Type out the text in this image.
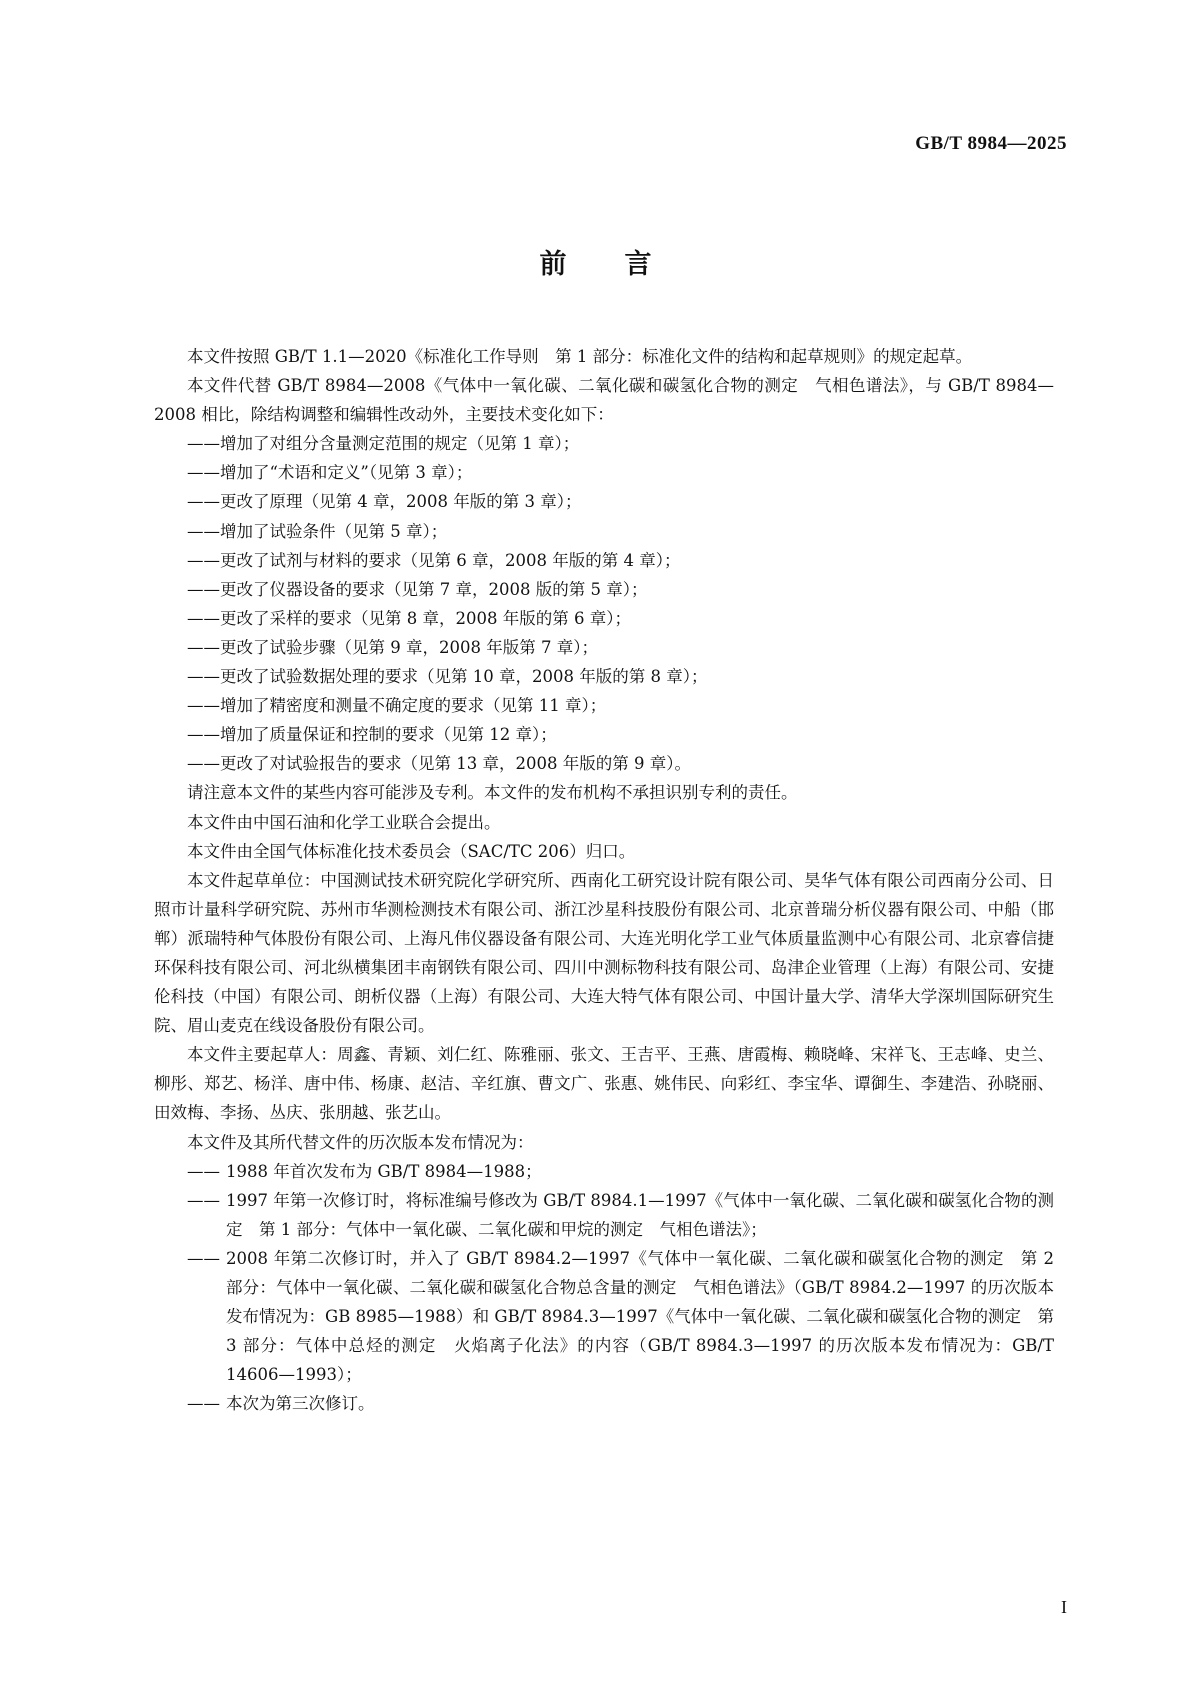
GB/T 8984—2025
前言

本文件按照 GB/T 1.1—2020《标准化工作导则　第 1 部分：标准化文件的结构和起草规则》的规定起草。

本文件代替 GB/T 8984—2008《气体中一氧化碳、二氧化碳和碳氢化合物的测定　气相色谱法》，与 GB/T 8984—2008 相比，除结构调整和编辑性改动外，主要技术变化如下：

——增加了对组分含量测定范围的规定（见第 1 章）；

——增加了“术语和定义”（见第 3 章）；

——更改了原理（见第 4 章，2008 年版的第 3 章）；

——增加了试验条件（见第 5 章）；

——更改了试剂与材料的要求（见第 6 章，2008 年版的第 4 章）；

——更改了仪器设备的要求（见第 7 章，2008 版的第 5 章）；

——更改了采样的要求（见第 8 章，2008 年版的第 6 章）；

——更改了试验步骤（见第 9 章，2008 年版第 7 章）；

——更改了试验数据处理的要求（见第 10 章，2008 年版的第 8 章）；

——增加了精密度和测量不确定度的要求（见第 11 章）；

——增加了质量保证和控制的要求（见第 12 章）；

——更改了对试验报告的要求（见第 13 章，2008 年版的第 9 章）。

请注意本文件的某些内容可能涉及专利。本文件的发布机构不承担识别专利的责任。

本文件由中国石油和化学工业联合会提出。

本文件由全国气体标准化技术委员会（SAC/TC 206）归口。

本文件起草单位：中国测试技术研究院化学研究所、西南化工研究设计院有限公司、昊华气体有限公司西南分公司、日照市计量科学研究院、苏州市华测检测技术有限公司、浙江沙星科技股份有限公司、北京普瑞分析仪器有限公司、中船（邯郸）派瑞特种气体股份有限公司、上海凡伟仪器设备有限公司、大连光明化学工业气体质量监测中心有限公司、北京睿信捷环保科技有限公司、河北纵横集团丰南钢铁有限公司、四川中测标物科技有限公司、岛津企业管理（上海）有限公司、安捷伦科技（中国）有限公司、朗析仪器（上海）有限公司、大连大特气体有限公司、中国计量大学、清华大学深圳国际研究生院、眉山麦克在线设备股份有限公司。

本文件主要起草人：周鑫、青颖、刘仁红、陈雅丽、张文、王吉平、王燕、唐霞梅、赖晓峰、宋祥飞、王志峰、史兰、柳彤、郑艺、杨洋、唐中伟、杨康、赵洁、辛红旗、曹文广、张惠、姚伟民、向彩红、李宝华、谭御生、李建浩、孙晓丽、田效梅、李扬、丛庆、张朋越、张艺山。

本文件及其所代替文件的历次版本发布情况为：

—— 1988 年首次发布为 GB/T 8984—1988；
—— 1997 年第一次修订时，将标准编号修改为 GB/T 8984.1—1997《气体中一氧化碳、二氧化碳和碳氢化合物的测定　第 1 部分：气体中一氧化碳、二氧化碳和甲烷的测定　气相色谱法》；
—— 2008 年第二次修订时，并入了 GB/T 8984.2—1997《气体中一氧化碳、二氧化碳和碳氢化合物的测定　第 2 部分：气体中一氧化碳、二氧化碳和碳氢化合物总含量的测定　气相色谱法》（GB/T 8984.2—1997 的历次版本发布情况为：GB 8985—1988）和 GB/T 8984.3—1997《气体中一氧化碳、二氧化碳和碳氢化合物的测定　第 3 部分：气体中总烃的测定　火焰离子化法》的内容（GB/T 8984.3—1997 的历次版本发布情况为：GB/T 14606—1993）；
—— 本次为第三次修订。
I
